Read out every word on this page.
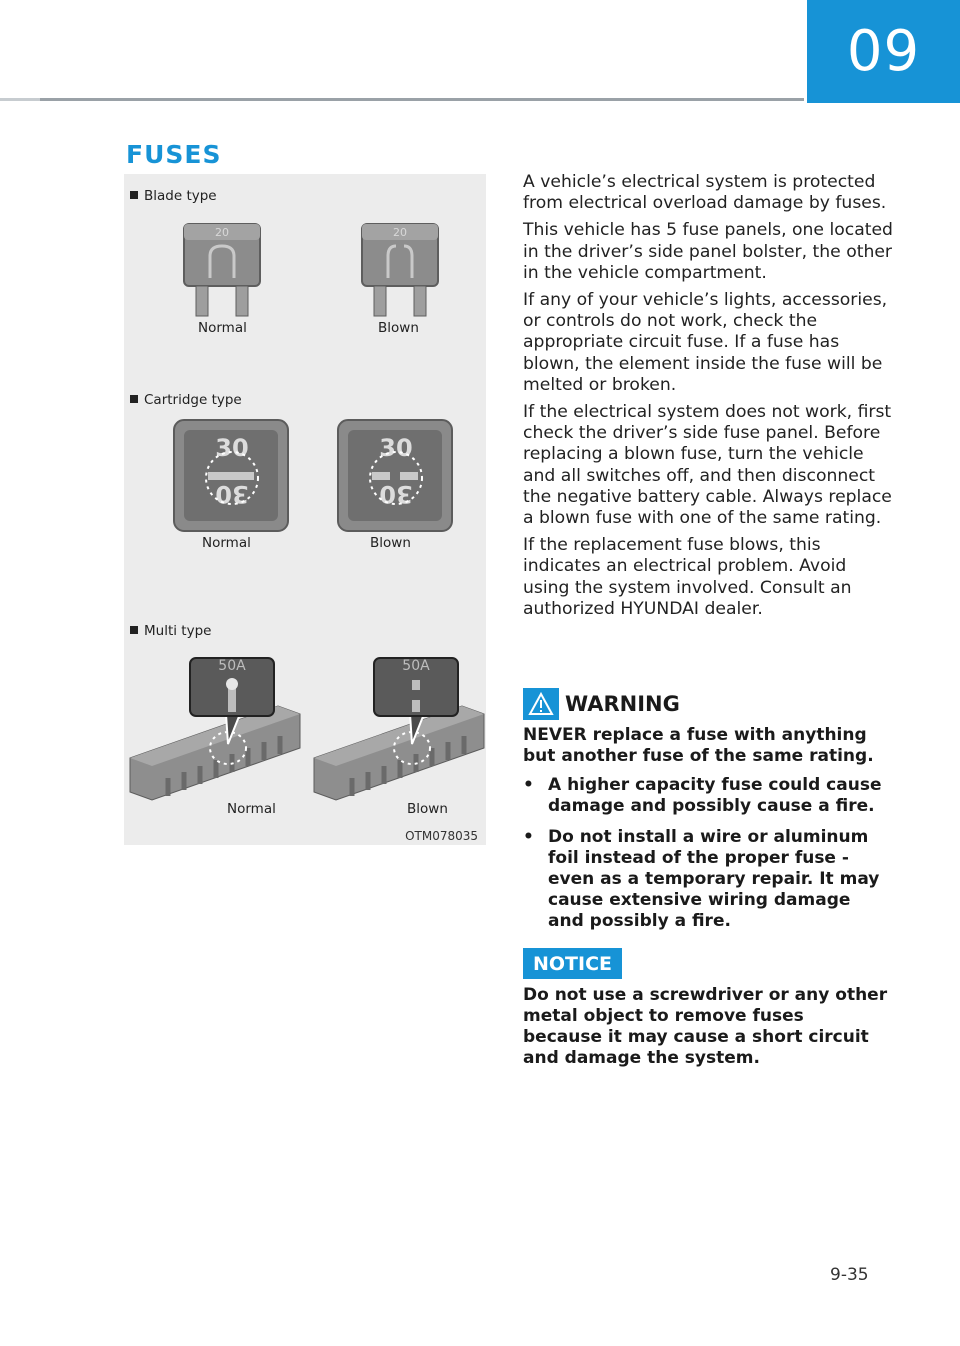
09
FUSES
Blade type
20	20
Normal	Blown
Cartridge type
30
30
30
30
Normal	Blown
Multi type
50A	50A
Normal	Blown
OTM078035

A vehicle’s electrical system is protected from electrical overload damage by fuses.

This vehicle has 5 fuse panels, one located in the driver’s side panel bolster, the other in the vehicle compartment.

If any of your vehicle’s lights, accessories, or controls do not work, check the appropriate circuit fuse. If a fuse has blown, the element inside the fuse will be melted or broken.

If the electrical system does not work, first check the driver’s side fuse panel. Before replacing a blown fuse, turn the vehicle and all switches off, and then disconnect the negative battery cable. Always replace a blown fuse with one of the same rating.

If the replacement fuse blows, this indicates an electrical problem. Avoid using the system involved. Consult an authorized HYUNDAI dealer.

WARNING

NEVER replace a fuse with anything but another fuse of the same rating.

• A higher capacity fuse could cause damage and possibly cause a fire.
• Do not install a wire or aluminum foil instead of the proper fuse - even as a temporary repair. It may cause extensive wiring damage and possibly a fire.
NOTICE
Do not use a screwdriver or any other metal object to remove fuses because it may cause a short circuit and damage the system.
9-35
